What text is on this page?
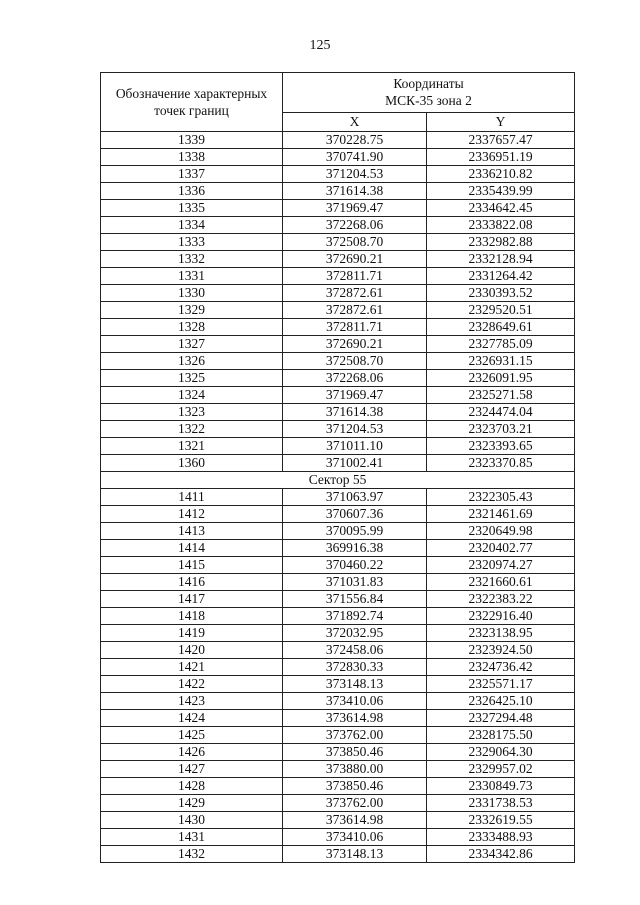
125
Обозначение характерных точек границ	Координаты
МСК-35 зона 2	
	X	Y
1339	370228.75	2337657.47
1338	370741.90	2336951.19
1337	371204.53	2336210.82
1336	371614.38	2335439.99
1335	371969.47	2334642.45
1334	372268.06	2333822.08
1333	372508.70	2332982.88
1332	372690.21	2332128.94
1331	372811.71	2331264.42
1330	372872.61	2330393.52
1329	372872.61	2329520.51
1328	372811.71	2328649.61
1327	372690.21	2327785.09
1326	372508.70	2326931.15
1325	372268.06	2326091.95
1324	371969.47	2325271.58
1323	371614.38	2324474.04
1322	371204.53	2323703.21
1321	371011.10	2323393.65
1360	371002.41	2323370.85
Сектор 55		
1411	371063.97	2322305.43
1412	370607.36	2321461.69
1413	370095.99	2320649.98
1414	369916.38	2320402.77
1415	370460.22	2320974.27
1416	371031.83	2321660.61
1417	371556.84	2322383.22
1418	371892.74	2322916.40
1419	372032.95	2323138.95
1420	372458.06	2323924.50
1421	372830.33	2324736.42
1422	373148.13	2325571.17
1423	373410.06	2326425.10
1424	373614.98	2327294.48
1425	373762.00	2328175.50
1426	373850.46	2329064.30
1427	373880.00	2329957.02
1428	373850.46	2330849.73
1429	373762.00	2331738.53
1430	373614.98	2332619.55
1431	373410.06	2333488.93
1432	373148.13	2334342.86
